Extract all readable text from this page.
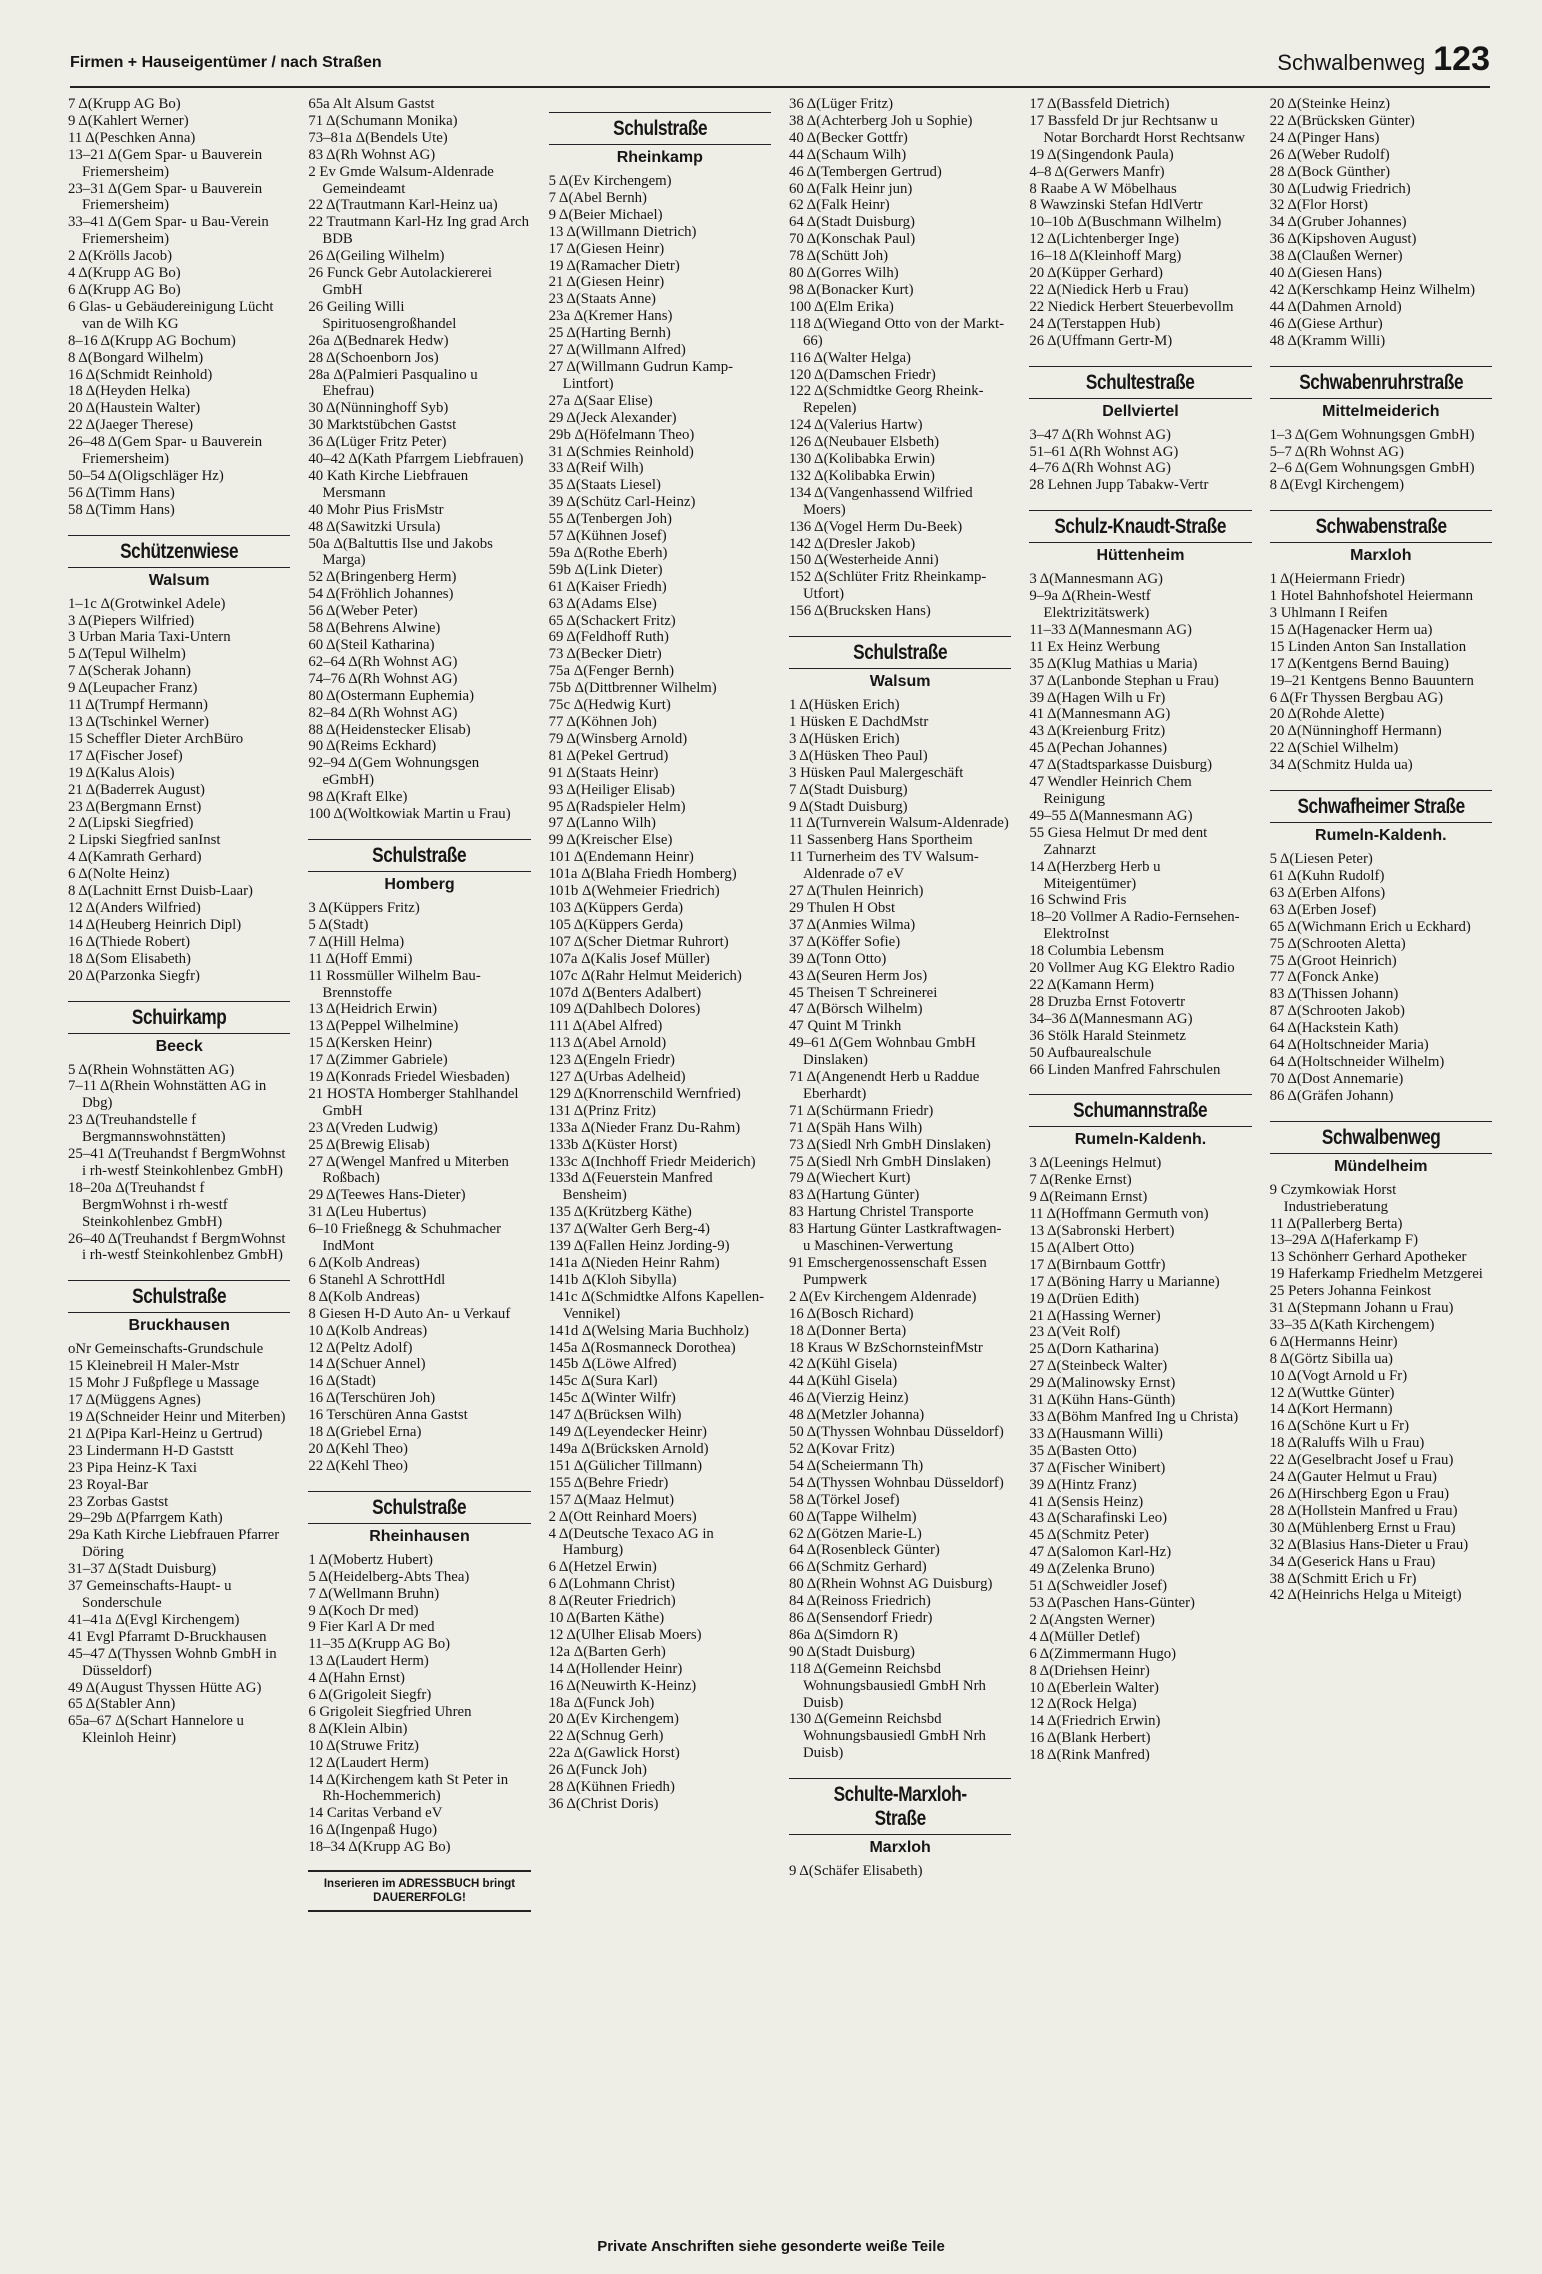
Firmen + Hauseigentümer / nach Straßen	Schwalbenweg 123
7 Δ(Krupp AG Bo)
9 Δ(Kahlert Werner)
11 Δ(Peschken Anna)
13–21 Δ(Gem Spar- u Bauverein Friemersheim)
23–31 Δ(Gem Spar- u Bauverein Friemersheim)
33–41 Δ(Gem Spar- u Bau-Verein Friemersheim)
2 Δ(Krölls Jacob)
4 Δ(Krupp AG Bo)
6 Δ(Krupp AG Bo)
6 Glas- u Gebäudereinigung Lücht van de Wilh KG
8–16 Δ(Krupp AG Bochum)
8 Δ(Bongard Wilhelm)
16 Δ(Schmidt Reinhold)
18 Δ(Heyden Helka)
20 Δ(Haustein Walter)
22 Δ(Jaeger Therese)
26–48 Δ(Gem Spar- u Bauverein Friemersheim)
50–54 Δ(Oligschläger Hz)
56 Δ(Timm Hans)
58 Δ(Timm Hans)
Schützenwiese
Walsum
1–1c Δ(Grotwinkel Adele)
3 Δ(Piepers Wilfried)
3 Urban Maria Taxi-Untern
5 Δ(Tepul Wilhelm)
7 Δ(Scherak Johann)
9 Δ(Leupacher Franz)
11 Δ(Trumpf Hermann)
13 Δ(Tschinkel Werner)
15 Scheffler Dieter ArchBüro
17 Δ(Fischer Josef)
19 Δ(Kalus Alois)
21 Δ(Baderrek August)
23 Δ(Bergmann Ernst)
2 Δ(Lipski Siegfried)
2 Lipski Siegfried sanInst
4 Δ(Kamrath Gerhard)
6 Δ(Nolte Heinz)
8 Δ(Lachnitt Ernst Duisb-Laar)
12 Δ(Anders Wilfried)
14 Δ(Heuberg Heinrich Dipl)
16 Δ(Thiede Robert)
18 Δ(Som Elisabeth)
20 Δ(Parzonka Siegfr)
Schuirkamp
Beeck
5 Δ(Rhein Wohnstätten AG)
7–11 Δ(Rhein Wohnstätten AG in Dbg)
23 Δ(Treuhandstelle f Bergmannswohnstätten)
25–41 Δ(Treuhandst f BergmWohnst i rh-westf Steinkohlenbez GmbH)
18–20a Δ(Treuhandst f BergmWohnst i rh-westf Steinkohlenbez GmbH)
26–40 Δ(Treuhandst f BergmWohnst i rh-westf Steinkohlenbez GmbH)
Schulstraße
Bruckhausen
oNr Gemeinschafts-Grundschule
15 Kleinebreil H Maler-Mstr
15 Mohr J Fußpflege u Massage
17 Δ(Müggens Agnes)
19 Δ(Schneider Heinr und Miterben)
21 Δ(Pipa Karl-Heinz u Gertrud)
23 Lindermann H-D Gaststt
23 Pipa Heinz-K Taxi
23 Royal-Bar
23 Zorbas Gastst
29–29b Δ(Pfarrgem Kath)
29a Kath Kirche Liebfrauen Pfarrer Döring
31–37 Δ(Stadt Duisburg)
37 Gemeinschafts-Haupt- u Sonderschule
41–41a Δ(Evgl Kirchengem)
41 Evgl Pfarramt D-Bruckhausen
45–47 Δ(Thyssen Wohnb GmbH in Düsseldorf)
49 Δ(August Thyssen Hütte AG)
65 Δ(Stabler Ann)
65a–67 Δ(Schart Hannelore u Kleinloh Heinr)
65a Alt Alsum Gastst
71 Δ(Schumann Monika)
73–81a Δ(Bendels Ute)
83 Δ(Rh Wohnst AG)
2 Ev Gmde Walsum-Aldenrade Gemeindeamt
22 Δ(Trautmann Karl-Heinz ua)
22 Trautmann Karl-Hz Ing grad Arch BDB
26 Δ(Geiling Wilhelm)
26 Funck Gebr Autolackiererei GmbH
26 Geiling Willi Spirituosengroßhandel
26a Δ(Bednarek Hedw)
28 Δ(Schoenborn Jos)
28a Δ(Palmieri Pasqualino u Ehefrau)
30 Δ(Nünninghoff Syb)
30 Marktstübchen Gastst
36 Δ(Lüger Fritz Peter)
40–42 Δ(Kath Pfarrgem Liebfrauen)
40 Kath Kirche Liebfrauen Mersmann
40 Mohr Pius FrisMstr
48 Δ(Sawitzki Ursula)
50a Δ(Baltuttis Ilse und Jakobs Marga)
52 Δ(Bringenberg Herm)
54 Δ(Fröhlich Johannes)
56 Δ(Weber Peter)
58 Δ(Behrens Alwine)
60 Δ(Steil Katharina)
62–64 Δ(Rh Wohnst AG)
74–76 Δ(Rh Wohnst AG)
80 Δ(Ostermann Euphemia)
82–84 Δ(Rh Wohnst AG)
88 Δ(Heidenstecker Elisab)
90 Δ(Reims Eckhard)
92–94 Δ(Gem Wohnungsgen eGmbH)
98 Δ(Kraft Elke)
100 Δ(Woltkowiak Martin u Frau)
Schulstraße
Homberg
3 Δ(Küppers Fritz)
5 Δ(Stadt)
7 Δ(Hill Helma)
11 Δ(Hoff Emmi)
11 Rossmüller Wilhelm Bau-Brennstoffe
13 Δ(Heidrich Erwin)
13 Δ(Peppel Wilhelmine)
15 Δ(Kersken Heinr)
17 Δ(Zimmer Gabriele)
19 Δ(Konrads Friedel Wiesbaden)
21 HOSTA Homberger Stahlhandel GmbH
23 Δ(Vreden Ludwig)
25 Δ(Brewig Elisab)
27 Δ(Wengel Manfred u Miterben Roßbach)
29 Δ(Teewes Hans-Dieter)
31 Δ(Leu Hubertus)
6–10 Frießnegg & Schuhmacher IndMont
6 Δ(Kolb Andreas)
6 Stanehl A SchrottHdl
8 Δ(Kolb Andreas)
8 Giesen H-D Auto An- u Verkauf
10 Δ(Kolb Andreas)
12 Δ(Peltz Adolf)
14 Δ(Schuer Annel)
16 Δ(Stadt)
16 Δ(Terschüren Joh)
16 Terschüren Anna Gastst
18 Δ(Griebel Erna)
20 Δ(Kehl Theo)
22 Δ(Kehl Theo)
Schulstraße
Rheinhausen
1 Δ(Mobertz Hubert)
5 Δ(Heidelberg-Abts Thea)
7 Δ(Wellmann Bruhn)
9 Δ(Koch Dr med)
9 Fier Karl A Dr med
11–35 Δ(Krupp AG Bo)
13 Δ(Laudert Herm)
4 Δ(Hahn Ernst)
6 Δ(Grigoleit Siegfr)
6 Grigoleit Siegfried Uhren
8 Δ(Klein Albin)
10 Δ(Struwe Fritz)
12 Δ(Laudert Herm)
14 Δ(Kirchengem kath St Peter in Rh-Hochemmerich)
14 Caritas Verband eV
16 Δ(Ingenpaß Hugo)
18–34 Δ(Krupp AG Bo)
Inserieren im ADRESSBUCH bringt DAUERERFOLG!
Schulstraße
Rheinkamp
5 Δ(Ev Kirchengem)
7 Δ(Abel Bernh)
9 Δ(Beier Michael)
13 Δ(Willmann Dietrich)
17 Δ(Giesen Heinr)
19 Δ(Ramacher Dietr)
21 Δ(Giesen Heinr)
23 Δ(Staats Anne)
23a Δ(Kremer Hans)
25 Δ(Harting Bernh)
27 Δ(Willmann Alfred)
27 Δ(Willmann Gudrun Kamp-Lintfort)
27a Δ(Saar Elise)
29 Δ(Jeck Alexander)
29b Δ(Höfelmann Theo)
31 Δ(Schmies Reinhold)
33 Δ(Reif Wilh)
35 Δ(Staats Liesel)
39 Δ(Schütz Carl-Heinz)
55 Δ(Tenbergen Joh)
57 Δ(Kühnen Josef)
59a Δ(Rothe Eberh)
59b Δ(Link Dieter)
61 Δ(Kaiser Friedh)
63 Δ(Adams Else)
65 Δ(Schackert Fritz)
69 Δ(Feldhoff Ruth)
73 Δ(Becker Dietr)
75a Δ(Fenger Bernh)
75b Δ(Dittbrenner Wilhelm)
75c Δ(Hedwig Kurt)
77 Δ(Köhnen Joh)
79 Δ(Winsberg Arnold)
81 Δ(Pekel Gertrud)
91 Δ(Staats Heinr)
93 Δ(Heiliger Elisab)
95 Δ(Radspieler Helm)
97 Δ(Lanno Wilh)
99 Δ(Kreischer Else)
101 Δ(Endemann Heinr)
101a Δ(Blaha Friedh Homberg)
101b Δ(Wehmeier Friedrich)
103 Δ(Küppers Gerda)
105 Δ(Küppers Gerda)
107 Δ(Scher Dietmar Ruhrort)
107a Δ(Kalis Josef Müller)
107c Δ(Rahr Helmut Meiderich)
107d Δ(Benters Adalbert)
109 Δ(Dahlbech Dolores)
111 Δ(Abel Alfred)
113 Δ(Abel Arnold)
123 Δ(Engeln Friedr)
127 Δ(Urbas Adelheid)
129 Δ(Knorrenschild Wernfried)
131 Δ(Prinz Fritz)
133a Δ(Nieder Franz Du-Rahm)
133b Δ(Küster Horst)
133c Δ(Inchhoff Friedr Meiderich)
133d Δ(Feuerstein Manfred Bensheim)
135 Δ(Krützberg Käthe)
137 Δ(Walter Gerh Berg-4)
139 Δ(Fallen Heinz Jording-9)
141a Δ(Nieden Heinr Rahm)
141b Δ(Kloh Sibylla)
141c Δ(Schmidtke Alfons Kapellen-Vennikel)
141d Δ(Welsing Maria Buchholz)
145a Δ(Rosmanneck Dorothea)
145b Δ(Löwe Alfred)
145c Δ(Sura Karl)
145c Δ(Winter Wilfr)
147 Δ(Brücksen Wilh)
149 Δ(Leyendecker Heinr)
149a Δ(Brücksken Arnold)
151 Δ(Gülicher Tillmann)
155 Δ(Behre Friedr)
157 Δ(Maaz Helmut)
2 Δ(Ott Reinhard Moers)
4 Δ(Deutsche Texaco AG in Hamburg)
6 Δ(Hetzel Erwin)
6 Δ(Lohmann Christ)
8 Δ(Reuter Friedrich)
10 Δ(Barten Käthe)
12 Δ(Ulher Elisab Moers)
12a Δ(Barten Gerh)
14 Δ(Hollender Heinr)
16 Δ(Neuwirth K-Heinz)
18a Δ(Funck Joh)
20 Δ(Ev Kirchengem)
22 Δ(Schnug Gerh)
22a Δ(Gawlick Horst)
26 Δ(Funck Joh)
28 Δ(Kühnen Friedh)
36 Δ(Christ Doris)
36 Δ(Lüger Fritz)
38 Δ(Achterberg Joh u Sophie)
40 Δ(Becker Gottfr)
44 Δ(Schaum Wilh)
46 Δ(Tembergen Gertrud)
60 Δ(Falk Heinr jun)
62 Δ(Falk Heinr)
64 Δ(Stadt Duisburg)
70 Δ(Konschak Paul)
78 Δ(Schütt Joh)
80 Δ(Gorres Wilh)
98 Δ(Bonacker Kurt)
100 Δ(Elm Erika)
118 Δ(Wiegand Otto von der Markt-66)
116 Δ(Walter Helga)
120 Δ(Damschen Friedr)
122 Δ(Schmidtke Georg Rheink-Repelen)
124 Δ(Valerius Hartw)
126 Δ(Neubauer Elsbeth)
130 Δ(Kolibabka Erwin)
132 Δ(Kolibabka Erwin)
134 Δ(Vangenhassend Wilfried Moers)
136 Δ(Vogel Herm Du-Beek)
142 Δ(Dresler Jakob)
150 Δ(Westerheide Anni)
152 Δ(Schlüter Fritz Rheinkamp-Utfort)
156 Δ(Brucksken Hans)
Schulstraße
Walsum
1 Δ(Hüsken Erich)
1 Hüsken E DachdMstr
3 Δ(Hüsken Erich)
3 Δ(Hüsken Theo Paul)
3 Hüsken Paul Malergeschäft
7 Δ(Stadt Duisburg)
9 Δ(Stadt Duisburg)
11 Δ(Turnverein Walsum-Aldenrade)
11 Sassenberg Hans Sportheim
11 Turnerheim des TV Walsum-Aldenrade o7 eV
27 Δ(Thulen Heinrich)
29 Thulen H Obst
37 Δ(Anmies Wilma)
37 Δ(Köffer Sofie)
39 Δ(Tonn Otto)
43 Δ(Seuren Herm Jos)
45 Theisen T Schreinerei
47 Δ(Börsch Wilhelm)
47 Quint M Trinkh
49–61 Δ(Gem Wohnbau GmbH Dinslaken)
71 Δ(Angenendt Herb u Raddue Eberhardt)
71 Δ(Schürmann Friedr)
71 Δ(Späh Hans Wilh)
73 Δ(Siedl Nrh GmbH Dinslaken)
75 Δ(Siedl Nrh GmbH Dinslaken)
79 Δ(Wiechert Kurt)
83 Δ(Hartung Günter)
83 Hartung Christel Transporte
83 Hartung Günter Lastkraftwagen- u Maschinen-Verwertung
91 Emschergenossenschaft Essen Pumpwerk
2 Δ(Ev Kirchengem Aldenrade)
16 Δ(Bosch Richard)
18 Δ(Donner Berta)
18 Kraus W BzSchornsteinfMstr
42 Δ(Kühl Gisela)
44 Δ(Kühl Gisela)
46 Δ(Vierzig Heinz)
48 Δ(Metzler Johanna)
50 Δ(Thyssen Wohnbau Düsseldorf)
52 Δ(Kovar Fritz)
54 Δ(Scheiermann Th)
54 Δ(Thyssen Wohnbau Düsseldorf)
58 Δ(Törkel Josef)
60 Δ(Tappe Wilhelm)
62 Δ(Götzen Marie-L)
64 Δ(Rosenbleck Günter)
66 Δ(Schmitz Gerhard)
80 Δ(Rhein Wohnst AG Duisburg)
84 Δ(Reinoss Friedrich)
86 Δ(Sensendorf Friedr)
86a Δ(Simdorn R)
90 Δ(Stadt Duisburg)
118 Δ(Gemeinn Reichsbd Wohnungsbausiedl GmbH Nrh Duisb)
130 Δ(Gemeinn Reichsbd Wohnungsbausiedl GmbH Nrh Duisb)
Schulte-Marxloh-Straße
Marxloh
9 Δ(Schäfer Elisabeth)
17 Δ(Bassfeld Dietrich)
17 Bassfeld Dr jur Rechtsanw u Notar Borchardt Horst Rechtsanw
19 Δ(Singendonk Paula)
4–8 Δ(Gerwers Manfr)
8 Raabe A W Möbelhaus
8 Wawzinski Stefan HdlVertr
10–10b Δ(Buschmann Wilhelm)
12 Δ(Lichtenberger Inge)
16–18 Δ(Kleinhoff Marg)
20 Δ(Küpper Gerhard)
22 Δ(Niedick Herb u Frau)
22 Niedick Herbert Steuerbevollm
24 Δ(Terstappen Hub)
26 Δ(Uffmann Gertr-M)
Schultestraße
Dellviertel
3–47 Δ(Rh Wohnst AG)
51–61 Δ(Rh Wohnst AG)
4–76 Δ(Rh Wohnst AG)
28 Lehnen Jupp Tabakw-Vertr
Schulz-Knaudt-Straße
Hüttenheim
3 Δ(Mannesmann AG)
9–9a Δ(Rhein-Westf Elektrizitätswerk)
11–33 Δ(Mannesmann AG)
11 Ex Heinz Werbung
35 Δ(Klug Mathias u Maria)
37 Δ(Lanbonde Stephan u Frau)
39 Δ(Hagen Wilh u Fr)
41 Δ(Mannesmann AG)
43 Δ(Kreienburg Fritz)
45 Δ(Pechan Johannes)
47 Δ(Stadtsparkasse Duisburg)
47 Wendler Heinrich Chem Reinigung
49–55 Δ(Mannesmann AG)
55 Giesa Helmut Dr med dent Zahnarzt
14 Δ(Herzberg Herb u Miteigentümer)
16 Schwind Fris
18–20 Vollmer A Radio-Fernsehen-ElektroInst
18 Columbia Lebensm
20 Vollmer Aug KG Elektro Radio
22 Δ(Kamann Herm)
28 Druzba Ernst Fotovertr
34–36 Δ(Mannesmann AG)
36 Stölk Harald Steinmetz
50 Aufbaurealschule
66 Linden Manfred Fahrschulen
Schumannstraße
Rumeln-Kaldenh.
3 Δ(Leenings Helmut)
7 Δ(Renke Ernst)
9 Δ(Reimann Ernst)
11 Δ(Hoffmann Germuth von)
13 Δ(Sabronski Herbert)
15 Δ(Albert Otto)
17 Δ(Birnbaum Gottfr)
17 Δ(Böning Harry u Marianne)
19 Δ(Drüen Edith)
21 Δ(Hassing Werner)
23 Δ(Veit Rolf)
25 Δ(Dorn Katharina)
27 Δ(Steinbeck Walter)
29 Δ(Malinowsky Ernst)
31 Δ(Kühn Hans-Günth)
33 Δ(Böhm Manfred Ing u Christa)
33 Δ(Hausmann Willi)
35 Δ(Basten Otto)
37 Δ(Fischer Winibert)
39 Δ(Hintz Franz)
41 Δ(Sensis Heinz)
43 Δ(Scharafinski Leo)
45 Δ(Schmitz Peter)
47 Δ(Salomon Karl-Hz)
49 Δ(Zelenka Bruno)
51 Δ(Schweidler Josef)
53 Δ(Paschen Hans-Günter)
2 Δ(Angsten Werner)
4 Δ(Müller Detlef)
6 Δ(Zimmermann Hugo)
8 Δ(Driehsen Heinr)
10 Δ(Eberlein Walter)
12 Δ(Rock Helga)
14 Δ(Friedrich Erwin)
16 Δ(Blank Herbert)
18 Δ(Rink Manfred)
20 Δ(Steinke Heinz)
22 Δ(Brücksken Günter)
24 Δ(Pinger Hans)
26 Δ(Weber Rudolf)
28 Δ(Bock Günther)
30 Δ(Ludwig Friedrich)
32 Δ(Flor Horst)
34 Δ(Gruber Johannes)
36 Δ(Kipshoven August)
38 Δ(Claußen Werner)
40 Δ(Giesen Hans)
42 Δ(Kerschkamp Heinz Wilhelm)
44 Δ(Dahmen Arnold)
46 Δ(Giese Arthur)
48 Δ(Kramm Willi)
Schwabenruhrstraße
Mittelmeiderich
1–3 Δ(Gem Wohnungsgen GmbH)
5–7 Δ(Rh Wohnst AG)
2–6 Δ(Gem Wohnungsgen GmbH)
8 Δ(Evgl Kirchengem)
Schwabenstraße
Marxloh
1 Δ(Heiermann Friedr)
1 Hotel Bahnhofshotel Heiermann
3 Uhlmann I Reifen
15 Δ(Hagenacker Herm ua)
15 Linden Anton San Installation
17 Δ(Kentgens Bernd Bauing)
19–21 Kentgens Benno Bauuntern
6 Δ(Fr Thyssen Bergbau AG)
20 Δ(Rohde Alette)
20 Δ(Nünninghoff Hermann)
22 Δ(Schiel Wilhelm)
34 Δ(Schmitz Hulda ua)
Schwafheimer Straße
Rumeln-Kaldenh.
5 Δ(Liesen Peter)
61 Δ(Kuhn Rudolf)
63 Δ(Erben Alfons)
63 Δ(Erben Josef)
65 Δ(Wichmann Erich u Eckhard)
75 Δ(Schrooten Aletta)
75 Δ(Groot Heinrich)
77 Δ(Fonck Anke)
83 Δ(Thissen Johann)
87 Δ(Schrooten Jakob)
64 Δ(Hackstein Kath)
64 Δ(Holtschneider Maria)
64 Δ(Holtschneider Wilhelm)
70 Δ(Dost Annemarie)
86 Δ(Gräfen Johann)
Schwalbenweg
Mündelheim
9 Czymkowiak Horst Industrieberatung
11 Δ(Pallerberg Berta)
13–29A Δ(Haferkamp F)
13 Schönherr Gerhard Apotheker
19 Haferkamp Friedhelm Metzgerei
25 Peters Johanna Feinkost
31 Δ(Stepmann Johann u Frau)
33–35 Δ(Kath Kirchengem)
6 Δ(Hermanns Heinr)
8 Δ(Görtz Sibilla ua)
10 Δ(Vogt Arnold u Fr)
12 Δ(Wuttke Günter)
14 Δ(Kort Hermann)
16 Δ(Schöne Kurt u Fr)
18 Δ(Raluffs Wilh u Frau)
22 Δ(Geselbracht Josef u Frau)
24 Δ(Gauter Helmut u Frau)
26 Δ(Hirschberg Egon u Frau)
28 Δ(Hollstein Manfred u Frau)
30 Δ(Mühlenberg Ernst u Frau)
32 Δ(Blasius Hans-Dieter u Frau)
34 Δ(Geserick Hans u Frau)
38 Δ(Schmitt Erich u Fr)
42 Δ(Heinrichs Helga u Miteigt)
Private Anschriften siehe gesonderte weiße Teile
